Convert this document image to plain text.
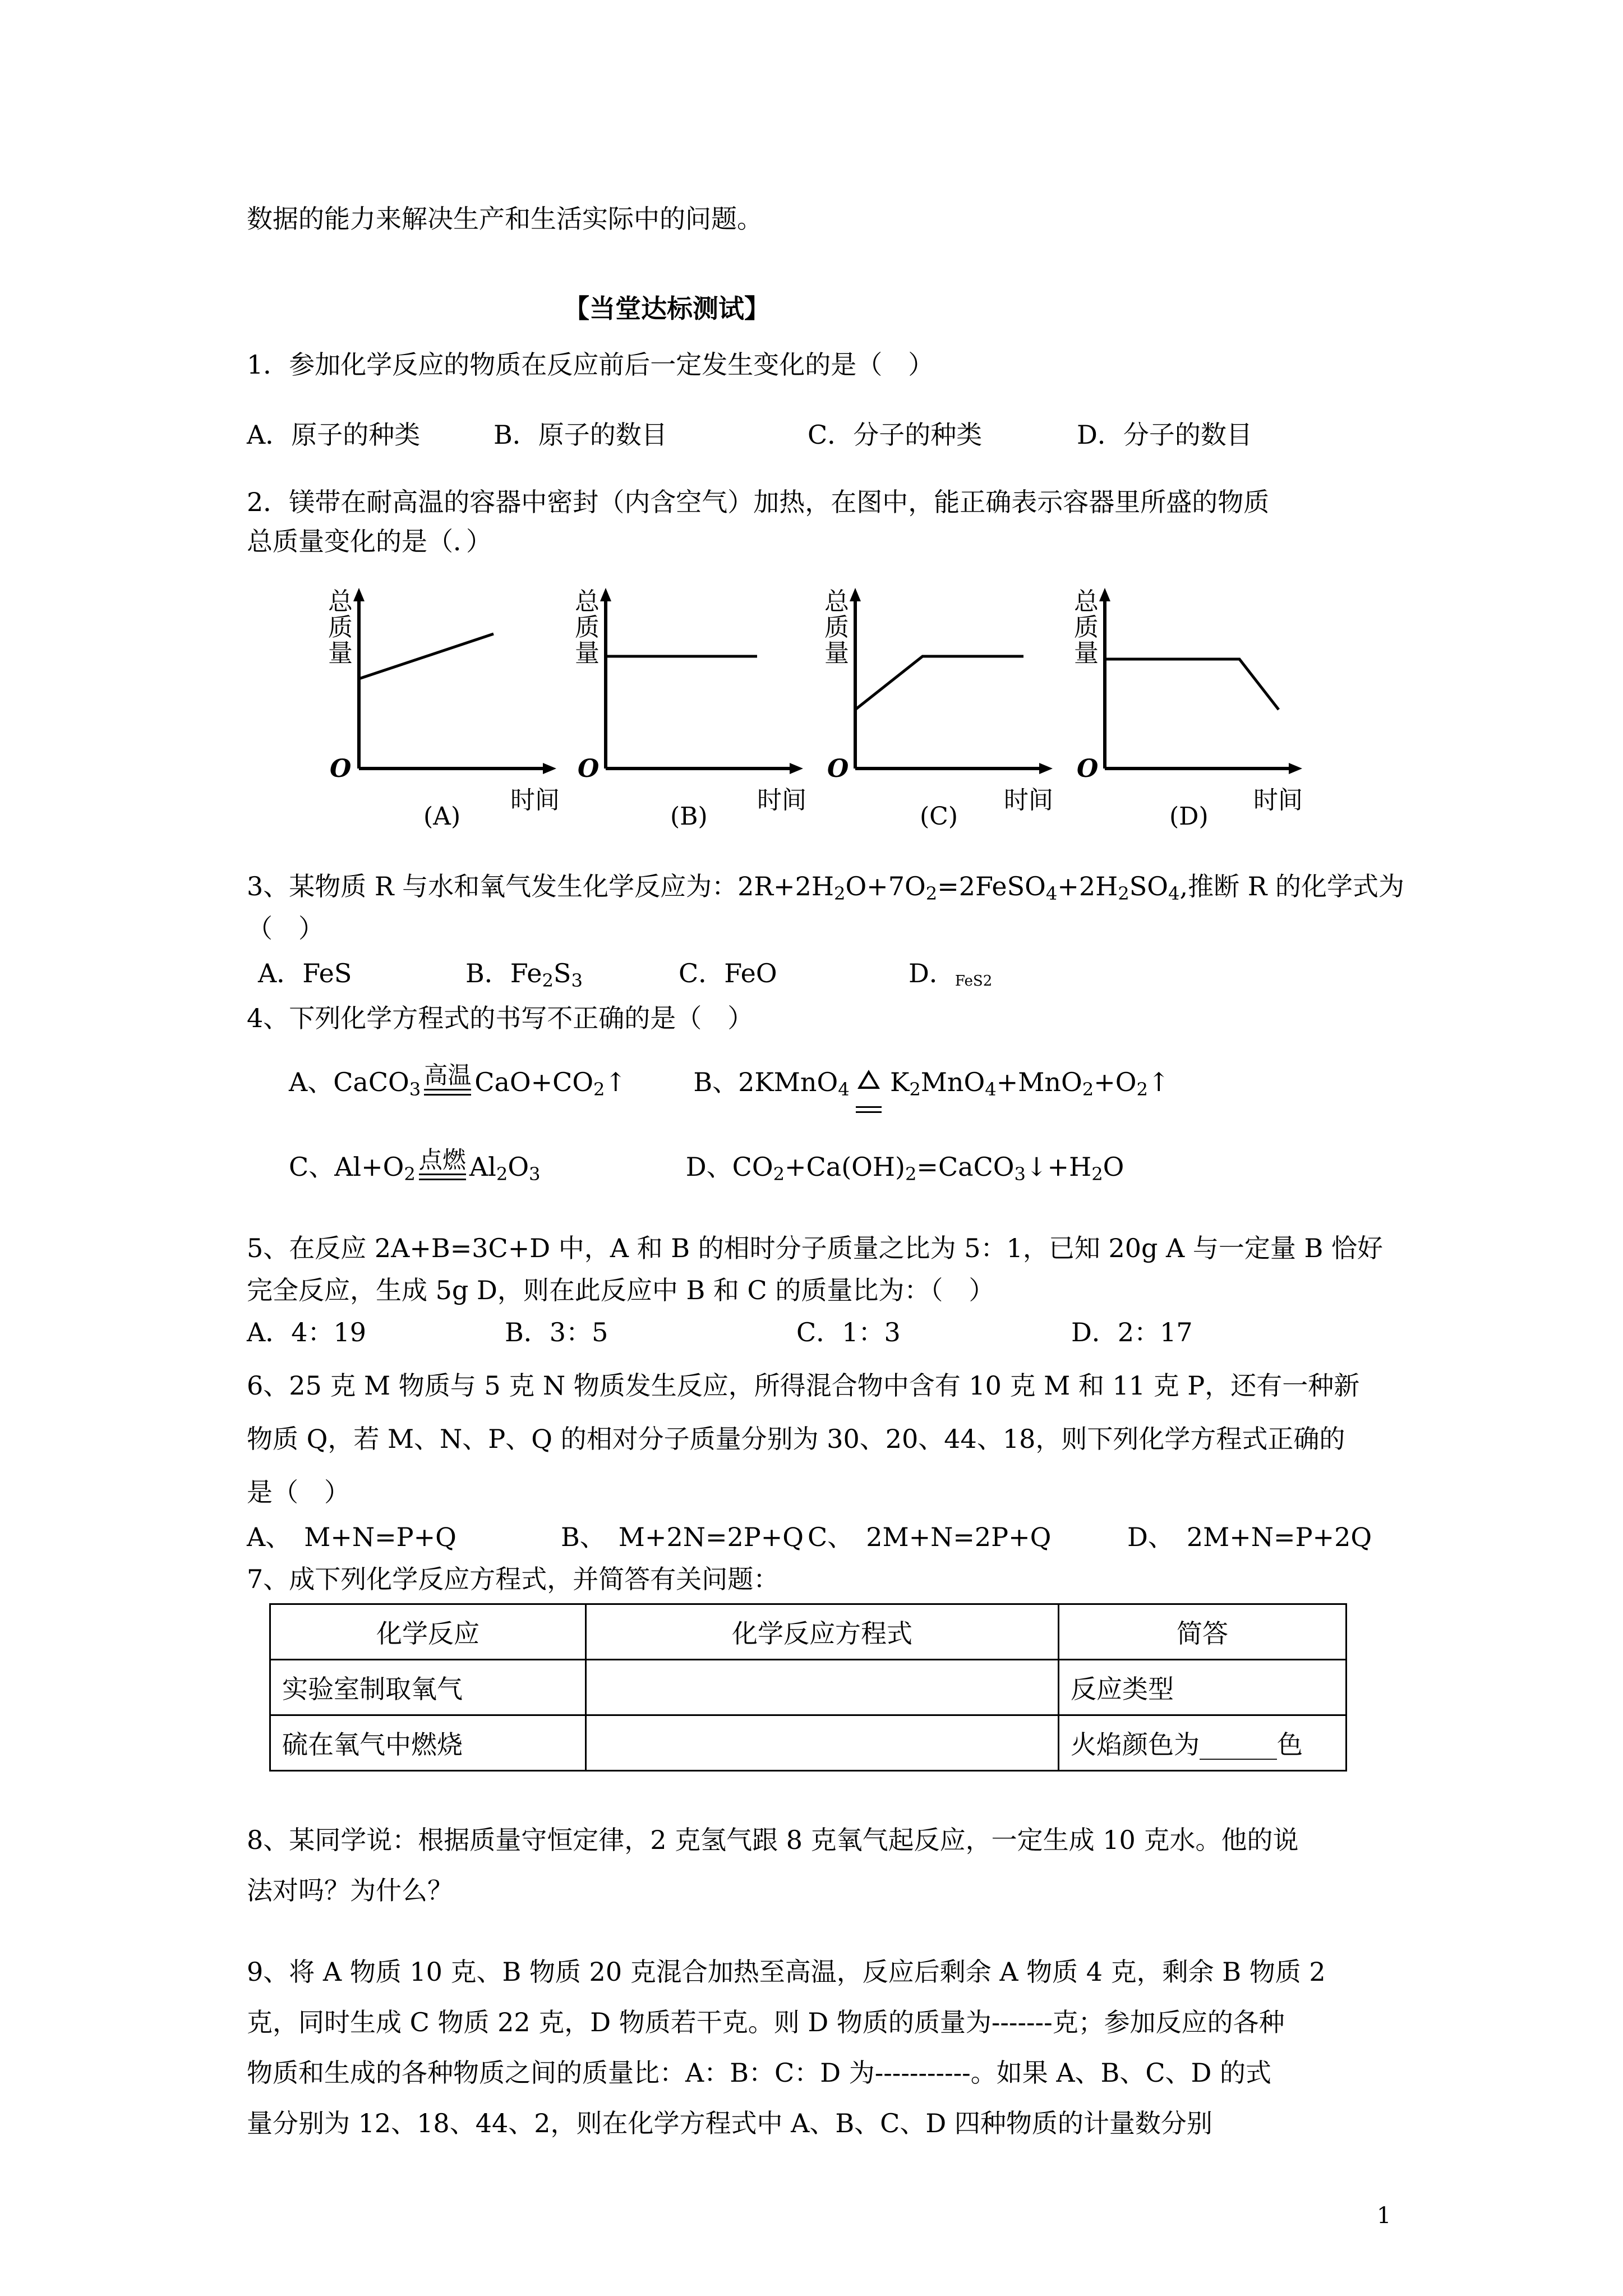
数据的能力来解决生产和生活实际中的问题。
【当堂达标测试】
1．参加化学反应的物质在反应前后一定发生变化的是（　）
A．原子的种类	B．原子的数目	C．分子的种类	D．分子的数目
2．镁带在耐高温的容器中密封（内含空气）加热，在图中，能正确表示容器里所盛的物质
总质量变化的是（．）
总
质
量
O
时间
(A)
总
质
量
O
时间
(B)
总
质
量
O
时间
(C)
总
质
量
O
时间
(D)
3、某物质 R 与水和氧气发生化学反应为：$2R+2H_2O+7O_2=2FeSO_4+2H_2SO_4$,推断 R 的化学式为
（　）
A．FeS	B．$Fe_2S_3$	C．FeO	D．FeS2
4、下列化学方程式的书写不正确的是（　）
A、CaCO$_3$
高温 $CaO+CO_2↑$	B、2KMnO$_4$ $K_2MnO_4+MnO_2+O_2↑$
C、$Al+O_2$
点燃 $Al_2O_3$	D、$CO_2+Ca(OH)_2=CaCO_3↓+H_2O$
5、在反应 2A+B=3C+D 中，A 和 B 的相时分子质量之比为 5：1，已知 20g A 与一定量 B 恰好
完全反应，生成 5g D，则在此反应中 B 和 C 的质量比为：（　）
A．4：19	B．3：5	C．1：3	D．2：17
6、25 克 M 物质与 5 克 N 物质发生反应，所得混合物中含有 10 克 M 和 11 克 P，还有一种新
物质 Q，若 M、N、P、Q 的相对分子质量分别为 30、20、44、18，则下列化学方程式正确的
是（　）
A、　M+N=P+Q	B、　M+2N=2P+Q C、　2M+N=2P+Q	D、　2M+N=P+2Q
7、成下列化学反应方程式，并简答有关问题：
化学反应	化学反应方程式	简答
实验室制取氧气		反应类型
硫在氧气中燃烧		火焰颜色为______色
8、某同学说：根据质量守恒定律，2 克氢气跟 8 克氧气起反应，一定生成 10 克水。他的说
法对吗？为什么？
9、将 A 物质 10 克、B 物质 20 克混合加热至高温，反应后剩余 A 物质 4 克，剩余 B 物质 2
克，同时生成 C 物质 22 克，D 物质若干克。则 D 物质的质量为-------克；参加反应的各种
物质和生成的各种物质之间的质量比：A：B：C：D 为-----------。如果 A、B、C、D 的式
量分别为 12、18、44、2，则在化学方程式中 A、B、C、D 四种物质的计量数分别
1
